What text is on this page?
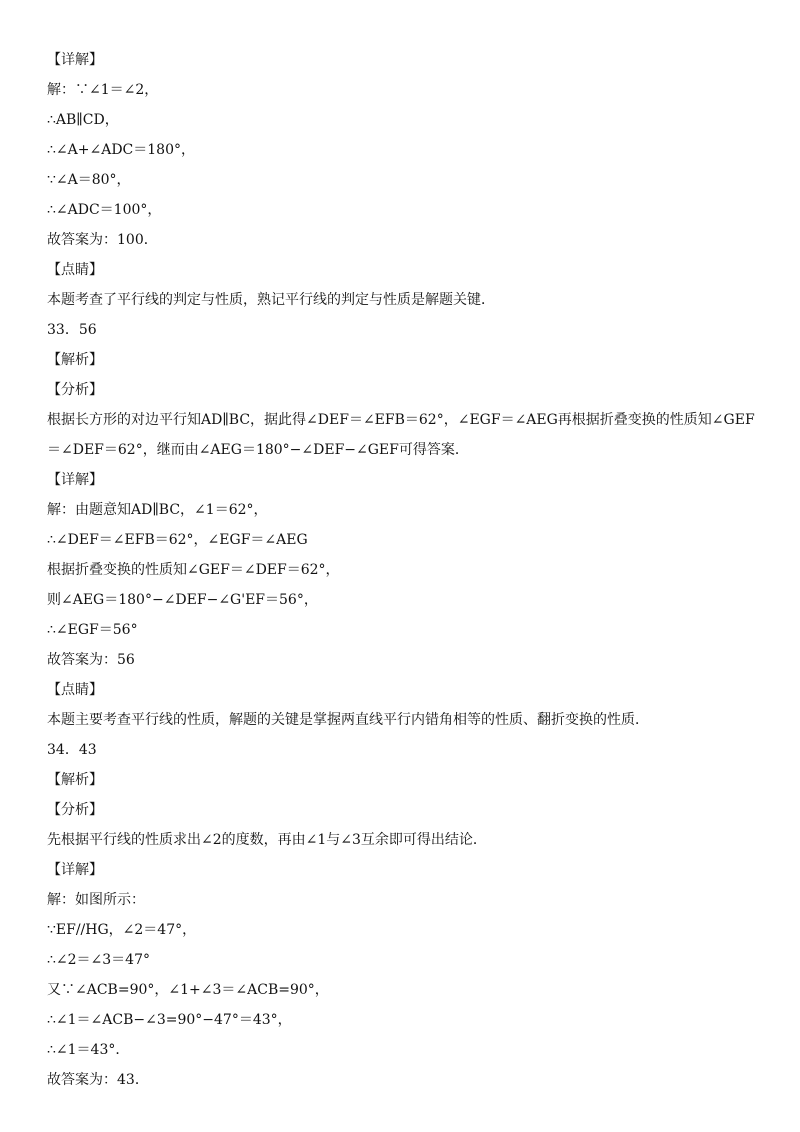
【详解】
解：∵∠1＝∠2，
∴AB∥CD，
∴∠A+∠ADC＝180°，
∵∠A＝80°，
∴∠ADC＝100°，
故答案为：100．
【点睛】
本题考查了平行线的判定与性质，熟记平行线的判定与性质是解题关键．
33．56
【解析】
【分析】
根据长方形的对边平行知AD∥BC，据此得∠DEF＝∠EFB＝62°，∠EGF＝∠AEG再根据折叠变换的性质知∠GEF
＝∠DEF＝62°，继而由∠AEG＝180°−∠DEF−∠GEF可得答案．
【详解】
解：由题意知AD∥BC，∠1＝62°，
∴∠DEF＝∠EFB＝62°，∠EGF＝∠AEG
根据折叠变换的性质知∠GEF＝∠DEF＝62°，
则∠AEG＝180°−∠DEF−∠G'EF＝56°，
∴∠EGF＝56°
故答案为：56
【点睛】
本题主要考查平行线的性质，解题的关键是掌握两直线平行内错角相等的性质、翻折变换的性质．
34．43
【解析】
【分析】
先根据平行线的性质求出∠2的度数，再由∠1与∠3互余即可得出结论．
【详解】
解：如图所示：
∵EF//HG，∠2＝47°，
∴∠2＝∠3＝47°
又∵∠ACB=90°，∠1+∠3＝∠ACB=90°，
∴∠1＝∠ACB−∠3=90°−47°＝43°，
∴∠1＝43°．
故答案为：43．
